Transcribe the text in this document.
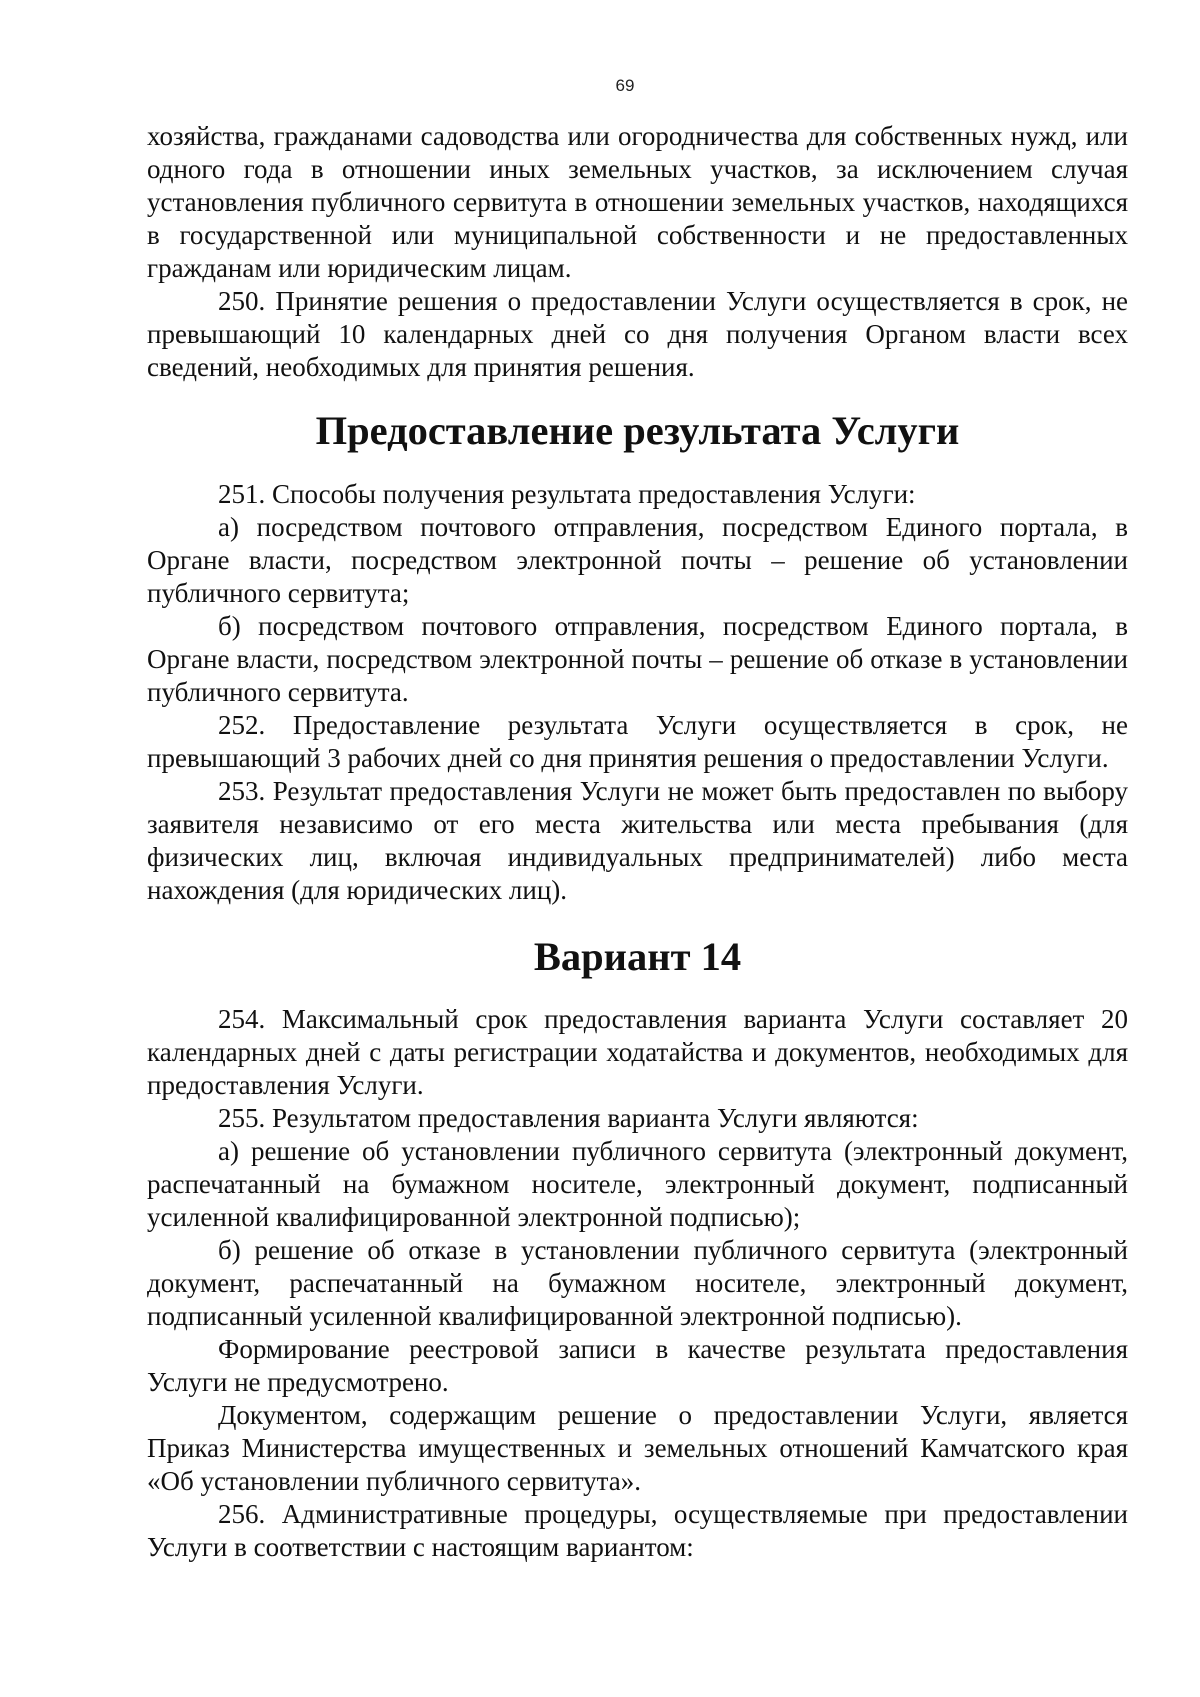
69

хозяйства, гражданами садоводства или огородничества для собственных нужд, или одного года в отношении иных земельных участков, за исключением случая установления публичного сервитута в отношении земельных участков, находящихся в государственной или муниципальной собственности и не предоставленных гражданам или юридическим лицам.

250. Принятие решения о предоставлении Услуги осуществляется в срок, не превышающий 10 календарных дней со дня получения Органом власти всех сведений, необходимых для принятия решения.

Предоставление результата Услуги

251. Способы получения результата предоставления Услуги:

а) посредством почтового отправления, посредством Единого портала, в Органе власти, посредством электронной почты – решение об установлении публичного сервитута;

б) посредством почтового отправления, посредством Единого портала, в Органе власти, посредством электронной почты – решение об отказе в установлении публичного сервитута.

252. Предоставление результата Услуги осуществляется в срок, не превышающий 3 рабочих дней со дня принятия решения о предоставлении Услуги.

253. Результат предоставления Услуги не может быть предоставлен по выбору заявителя независимо от его места жительства или места пребывания (для физических лиц, включая индивидуальных предпринимателей) либо места нахождения (для юридических лиц).

Вариант 14

254. Максимальный срок предоставления варианта Услуги составляет 20 календарных дней с даты регистрации ходатайства и документов, необходимых для предоставления Услуги.

255. Результатом предоставления варианта Услуги являются:

а) решение об установлении публичного сервитута (электронный документ, распечатанный на бумажном носителе, электронный документ, подписанный усиленной квалифицированной электронной подписью);

б) решение об отказе в установлении публичного сервитута (электронный документ, распечатанный на бумажном носителе, электронный документ, подписанный усиленной квалифицированной электронной подписью).

Формирование реестровой записи в качестве результата предоставления Услуги не предусмотрено.

Документом, содержащим решение о предоставлении Услуги, является Приказ Министерства имущественных и земельных отношений Камчатского края «Об установлении публичного сервитута».

256. Административные процедуры, осуществляемые при предоставлении Услуги в соответствии с настоящим вариантом:
